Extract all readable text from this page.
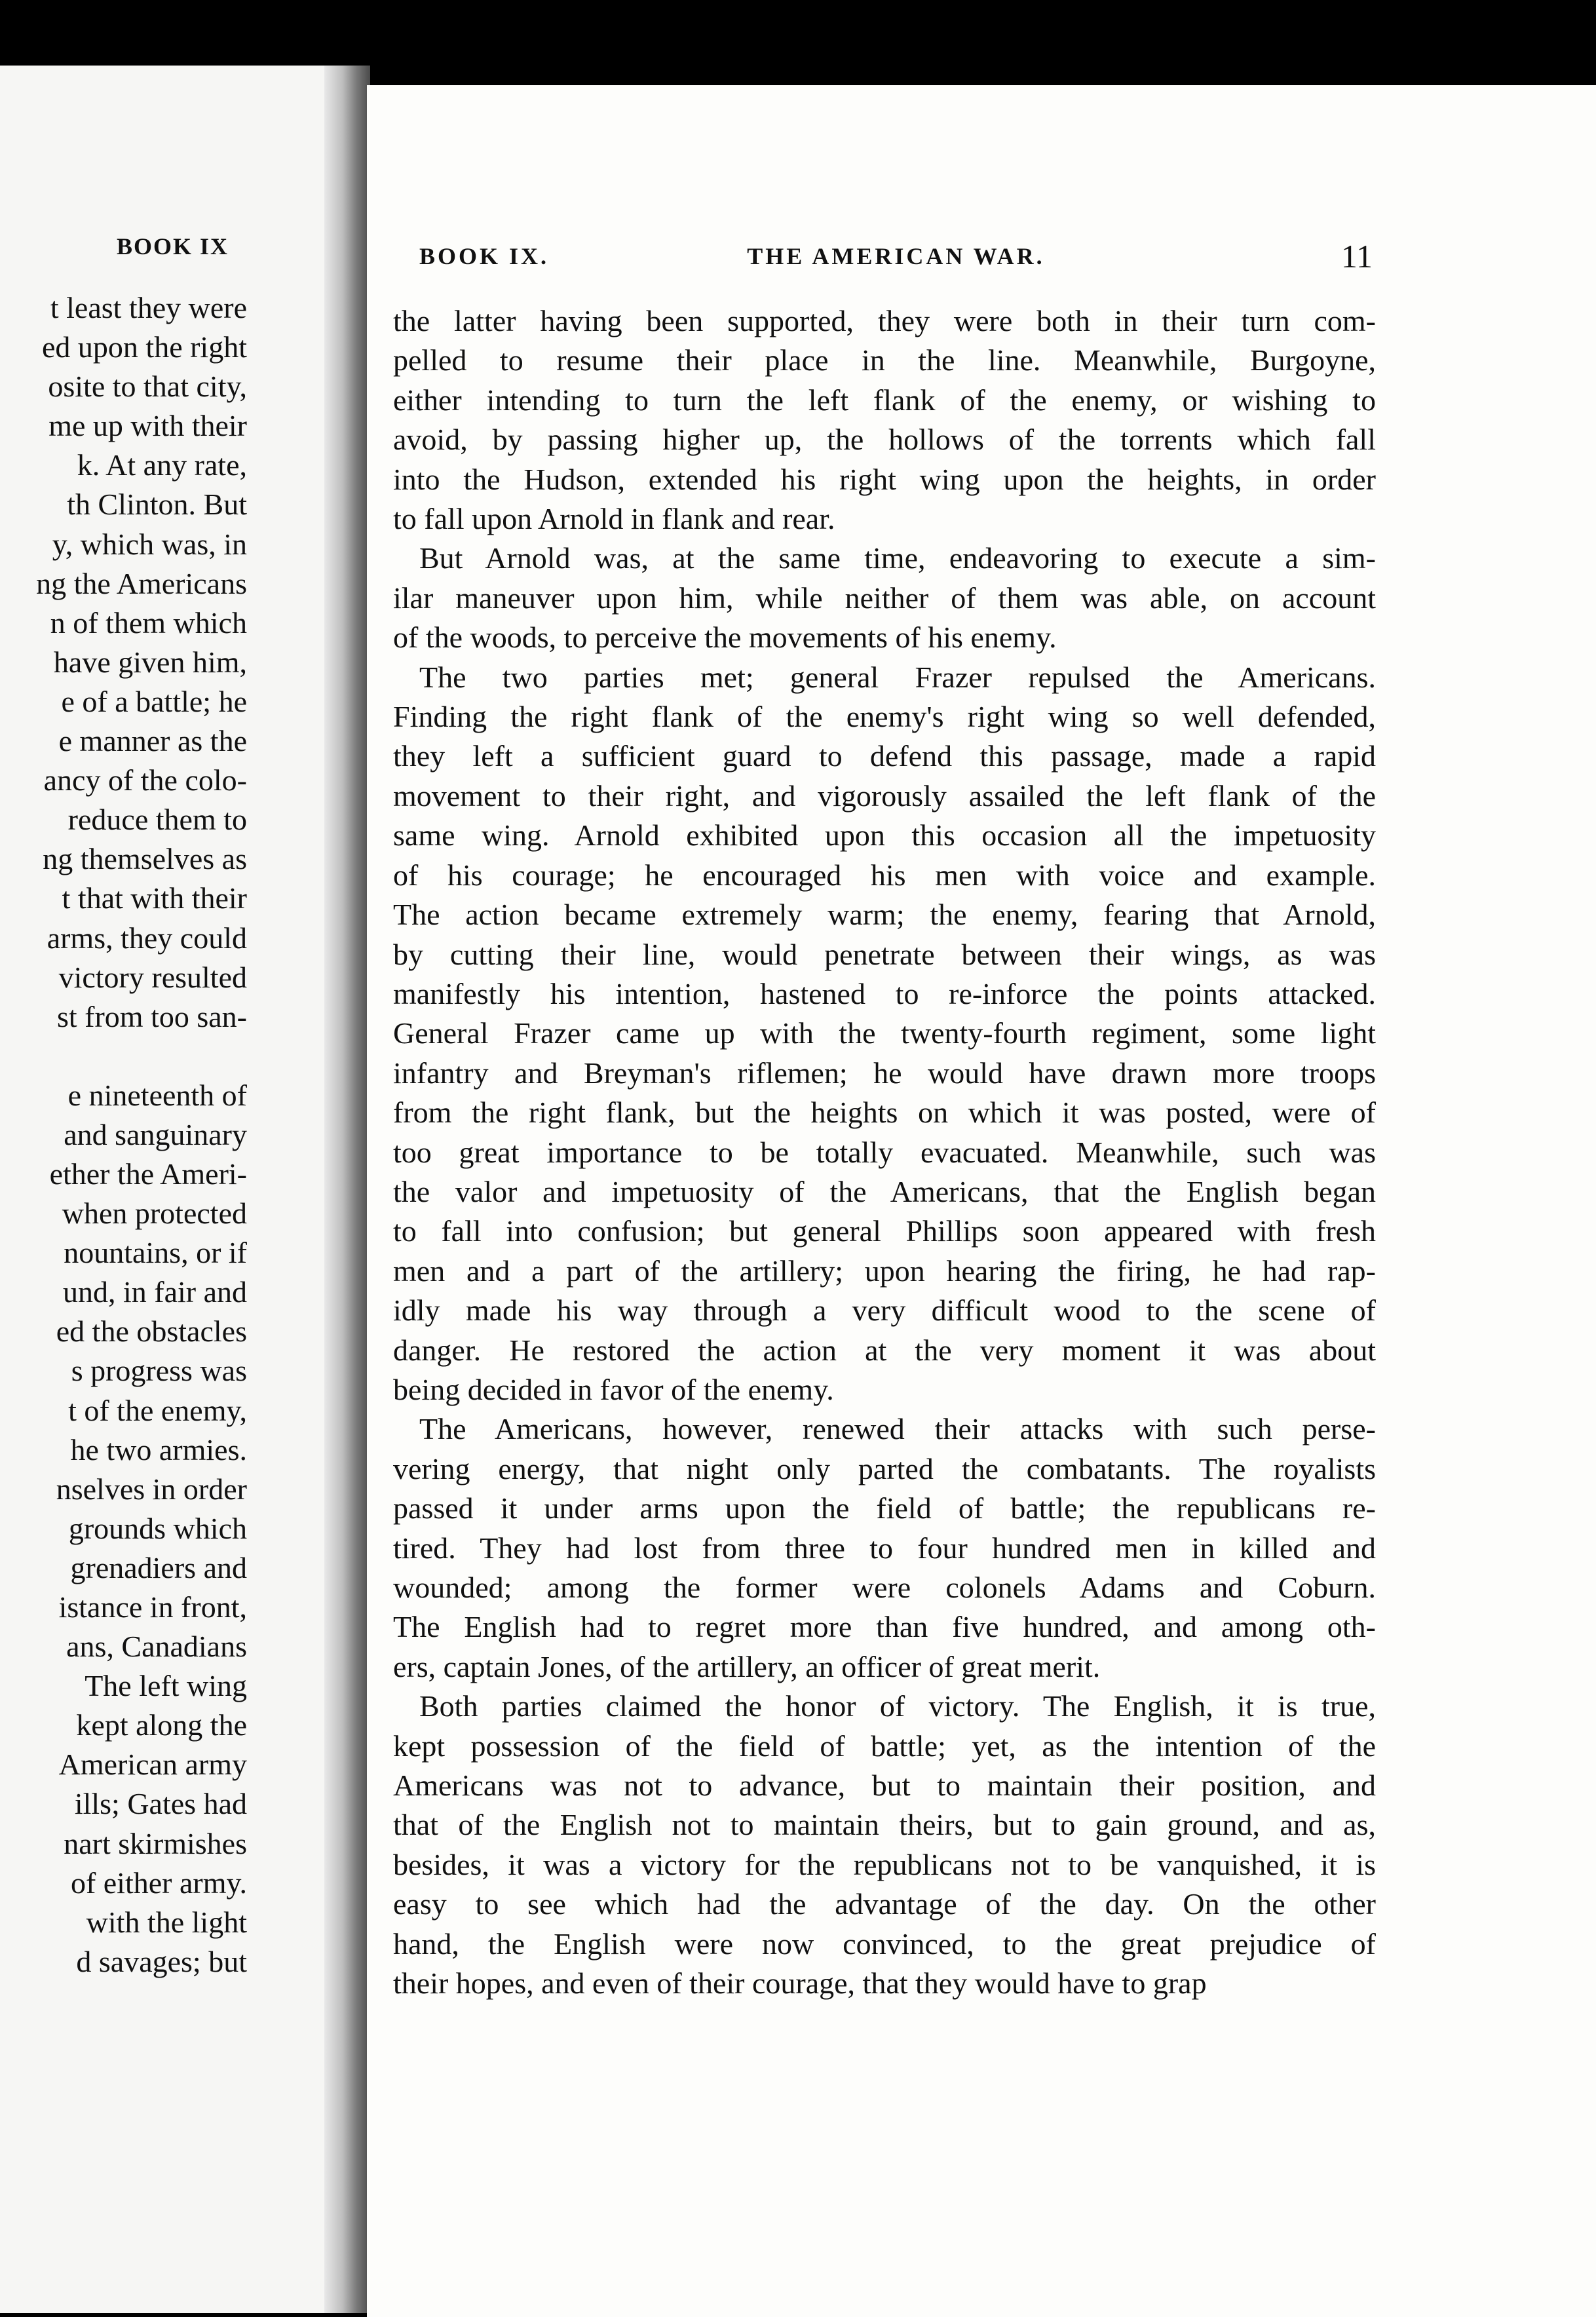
BOOK IX
t least they were
ed upon the right
osite to that city,
me up with their
k. At any rate,
th Clinton. But
y, which was, in
ng the Americans
n of them which
have given him,
e of a battle; he
e manner as the
ancy of the colo-
reduce them to
ng themselves as
t that with their
arms, they could
victory resulted
st from too san-
e nineteenth of
and sanguinary
ether the Ameri-
when protected
nountains, or if
und, in fair and
ed the obstacles
s progress was
t of the enemy,
he two armies.
nselves in order
grounds which
grenadiers and
istance in front,
ans, Canadians
The left wing
kept along the
American army
ills; Gates had
nart skirmishes
of either army.
with the light
d savages; but
BOOK IX.	THE AMERICAN WAR.	11

the latter having been supported, they were both in their turn com-
pelled to resume their place in the line. Meanwhile, Burgoyne,
either intending to turn the left flank of the enemy, or wishing to
avoid, by passing higher up, the hollows of the torrents which fall
into the Hudson, extended his right wing upon the heights, in order
to fall upon Arnold in flank and rear.

But Arnold was, at the same time, endeavoring to execute a sim-
ilar maneuver upon him, while neither of them was able, on account
of the woods, to perceive the movements of his enemy.

The two parties met; general Frazer repulsed the Americans.
Finding the right flank of the enemy's right wing so well defended,
they left a sufficient guard to defend this passage, made a rapid
movement to their right, and vigorously assailed the left flank of the
same wing. Arnold exhibited upon this occasion all the impetuosity
of his courage; he encouraged his men with voice and example.
The action became extremely warm; the enemy, fearing that Arnold,
by cutting their line, would penetrate between their wings, as was
manifestly his intention, hastened to re-inforce the points attacked.
General Frazer came up with the twenty-fourth regiment, some light
infantry and Breyman's riflemen; he would have drawn more troops
from the right flank, but the heights on which it was posted, were of
too great importance to be totally evacuated. Meanwhile, such was
the valor and impetuosity of the Americans, that the English began
to fall into confusion; but general Phillips soon appeared with fresh
men and a part of the artillery; upon hearing the firing, he had rap-
idly made his way through a very difficult wood to the scene of
danger. He restored the action at the very moment it was about
being decided in favor of the enemy.

The Americans, however, renewed their attacks with such perse-
vering energy, that night only parted the combatants. The royalists
passed it under arms upon the field of battle; the republicans re-
tired. They had lost from three to four hundred men in killed and
wounded; among the former were colonels Adams and Coburn.
The English had to regret more than five hundred, and among oth-
ers, captain Jones, of the artillery, an officer of great merit.

Both parties claimed the honor of victory. The English, it is true,
kept possession of the field of battle; yet, as the intention of the
Americans was not to advance, but to maintain their position, and
that of the English not to maintain theirs, but to gain ground, and as,
besides, it was a victory for the republicans not to be vanquished, it is
easy to see which had the advantage of the day. On the other
hand, the English were now convinced, to the great prejudice of
their hopes, and even of their courage, that they would have to grap
